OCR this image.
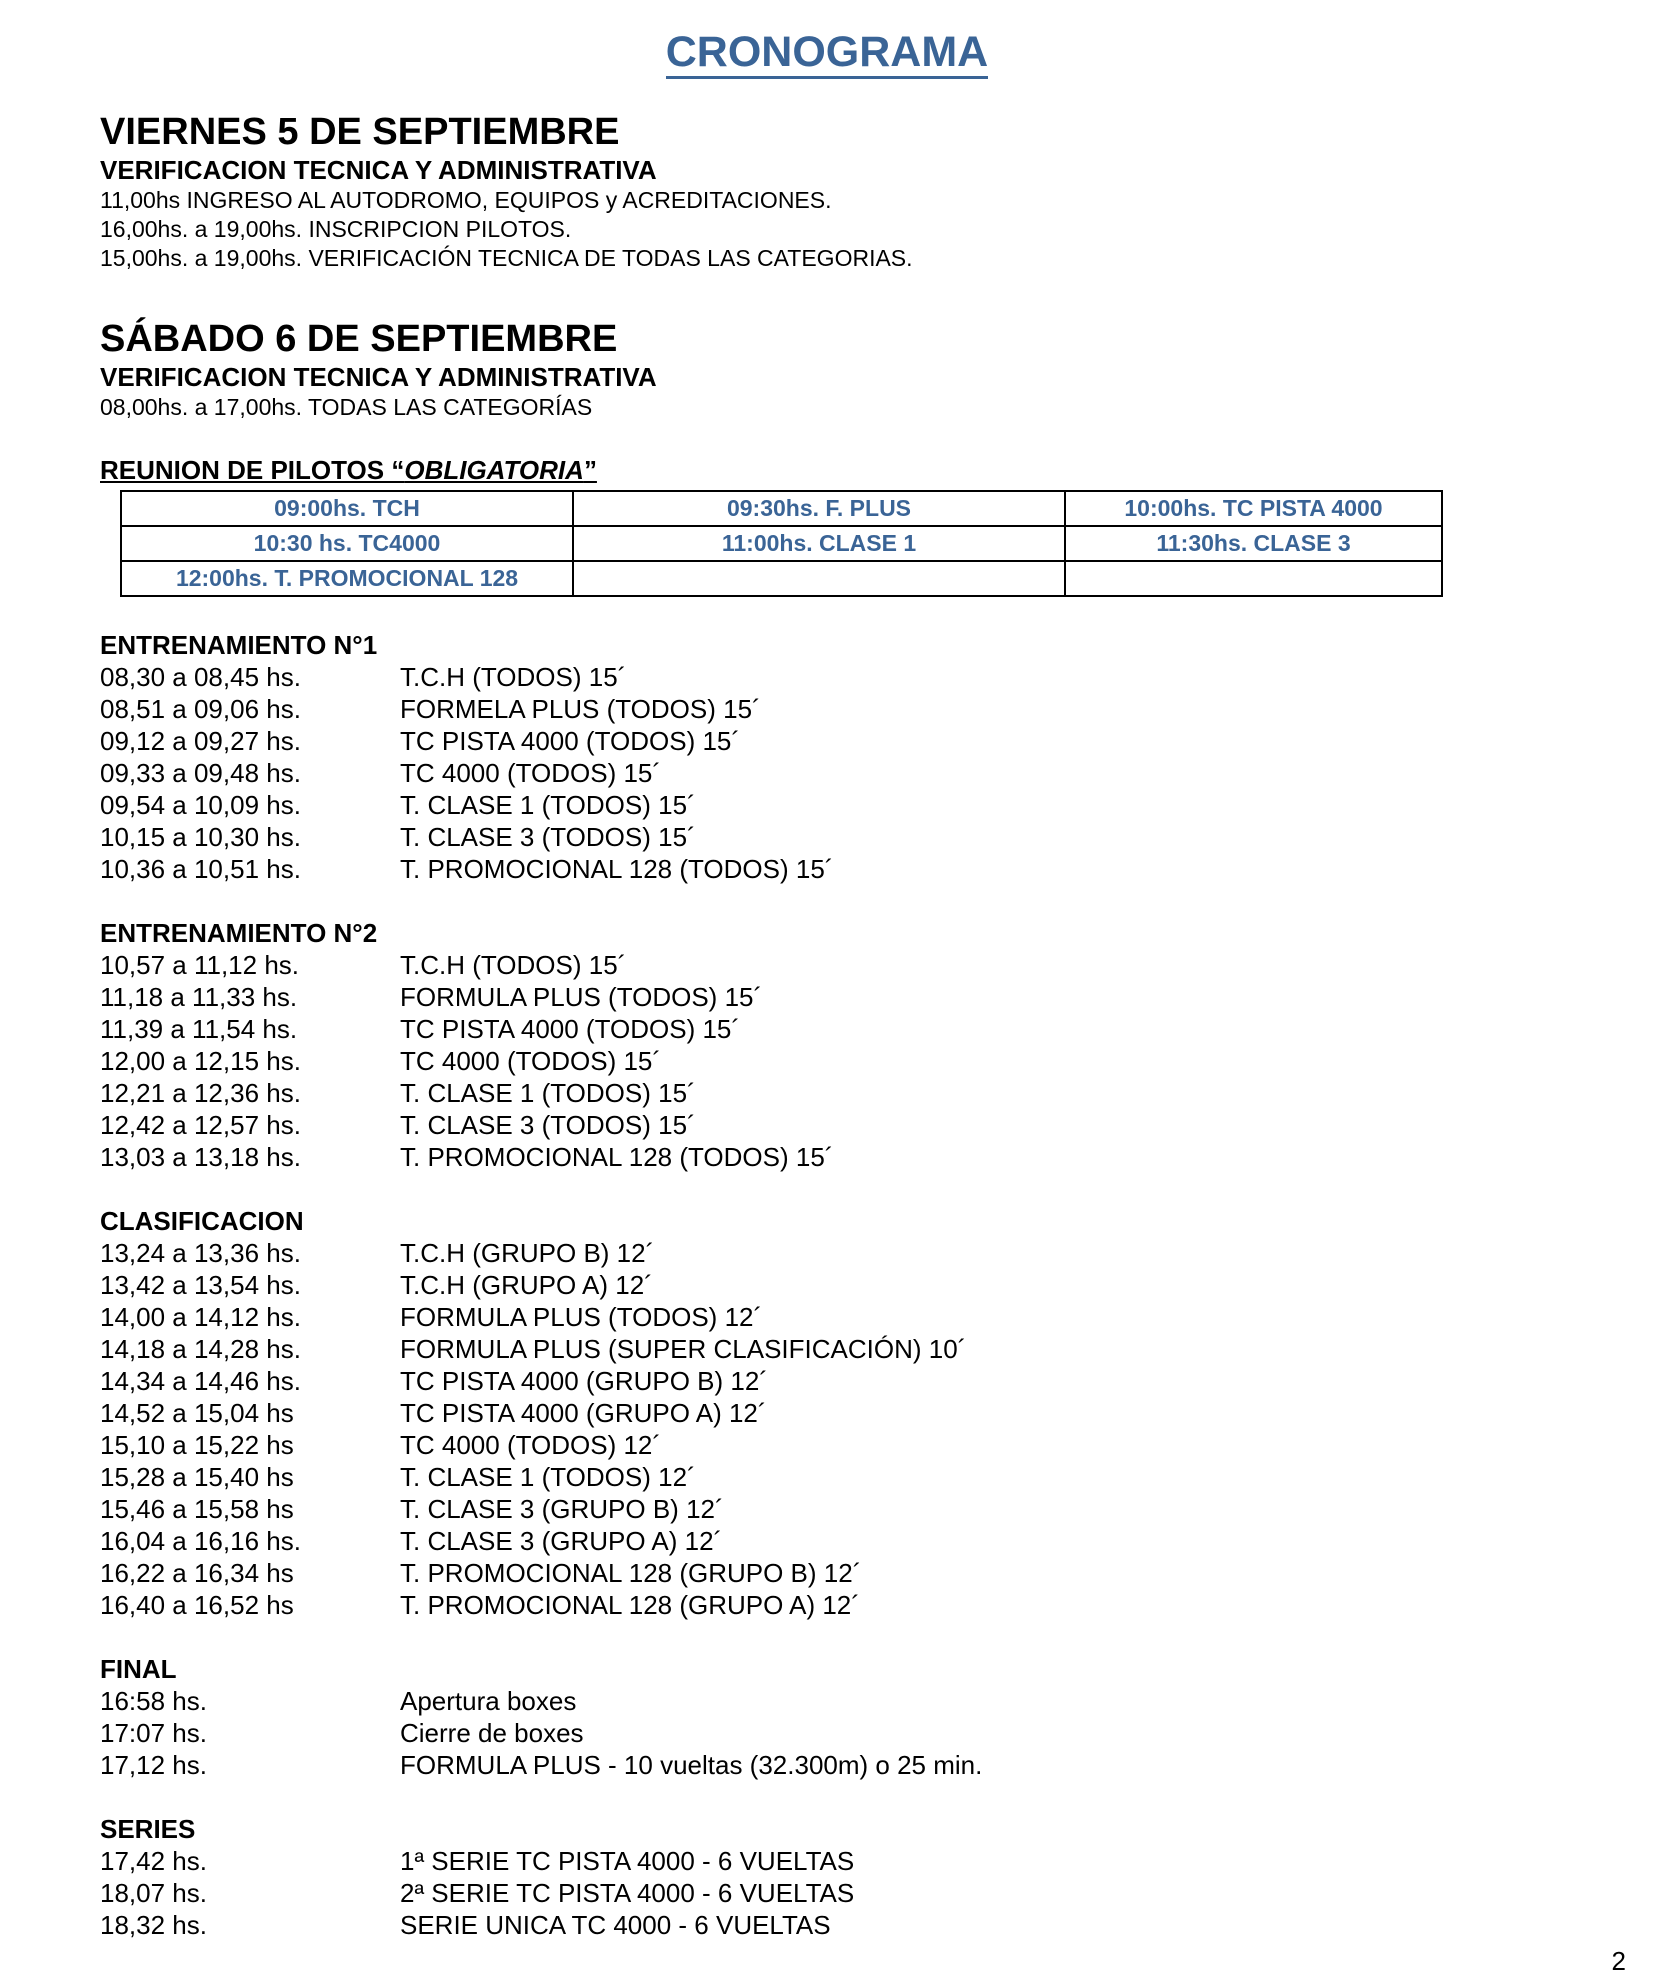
CRONOGRAMA

VIERNES 5 DE SEPTIEMBRE

VERIFICACION TECNICA Y ADMINISTRATIVA

11,00hs INGRESO AL AUTODROMO, EQUIPOS y ACREDITACIONES.

16,00hs. a 19,00hs. INSCRIPCION PILOTOS.

15,00hs. a 19,00hs. VERIFICACIÓN TECNICA DE TODAS LAS CATEGORIAS.

SÁBADO 6 DE SEPTIEMBRE

VERIFICACION TECNICA Y ADMINISTRATIVA

08,00hs. a 17,00hs. TODAS LAS CATEGORÍAS

REUNION DE PILOTOS “OBLIGATORIA”

09:00hs. TCH	09:30hs. F. PLUS	10:00hs. TC PISTA 4000
10:30 hs. TC4000	11:00hs. CLASE 1	11:30hs. CLASE 3
12:00hs. T. PROMOCIONAL 128		

ENTRENAMIENTO N°1

08,30 a 08,45 hs.	T.C.H (TODOS) 15´
08,51 a 09,06 hs.	FORMELA PLUS (TODOS) 15´
09,12 a 09,27 hs.	TC PISTA 4000 (TODOS) 15´
09,33 a 09,48 hs.	TC 4000 (TODOS) 15´
09,54 a 10,09 hs.	T. CLASE 1 (TODOS) 15´
10,15 a 10,30 hs.	T. CLASE 3 (TODOS) 15´
10,36 a 10,51 hs.	T. PROMOCIONAL 128 (TODOS) 15´

ENTRENAMIENTO N°2

10,57 a 11,12 hs.	T.C.H (TODOS) 15´
11,18 a 11,33 hs.	FORMULA PLUS (TODOS) 15´
11,39 a 11,54 hs.	TC PISTA 4000 (TODOS) 15´
12,00 a 12,15 hs.	TC 4000 (TODOS) 15´
12,21 a 12,36 hs.	T. CLASE 1 (TODOS) 15´
12,42 a 12,57 hs.	T. CLASE 3 (TODOS) 15´
13,03 a 13,18 hs.	T. PROMOCIONAL 128 (TODOS) 15´

CLASIFICACION

13,24 a 13,36 hs.	T.C.H (GRUPO B) 12´
13,42 a 13,54 hs.	T.C.H (GRUPO A) 12´
14,00 a 14,12 hs.	FORMULA PLUS (TODOS) 12´
14,18 a 14,28 hs.	FORMULA PLUS (SUPER CLASIFICACIÓN) 10´
14,34 a 14,46 hs.	TC PISTA 4000 (GRUPO B) 12´
14,52 a 15,04 hs	TC PISTA 4000 (GRUPO A) 12´
15,10 a 15,22 hs	TC 4000 (TODOS) 12´
15,28 a 15,40 hs	T. CLASE 1 (TODOS) 12´
15,46 a 15,58 hs	T. CLASE 3 (GRUPO B) 12´
16,04 a 16,16 hs.	T. CLASE 3 (GRUPO A) 12´
16,22 a 16,34 hs	T. PROMOCIONAL 128 (GRUPO B) 12´
16,40 a 16,52 hs	T. PROMOCIONAL 128 (GRUPO A) 12´

FINAL

16:58 hs.	Apertura boxes
17:07 hs.	Cierre de boxes
17,12 hs.	FORMULA PLUS - 10 vueltas (32.300m) o 25 min.

SERIES

17,42 hs.	1ª SERIE TC PISTA 4000 - 6 VUELTAS
18,07 hs.	2ª SERIE TC PISTA 4000 - 6 VUELTAS
18,32 hs.	SERIE UNICA TC 4000 - 6 VUELTAS
2
